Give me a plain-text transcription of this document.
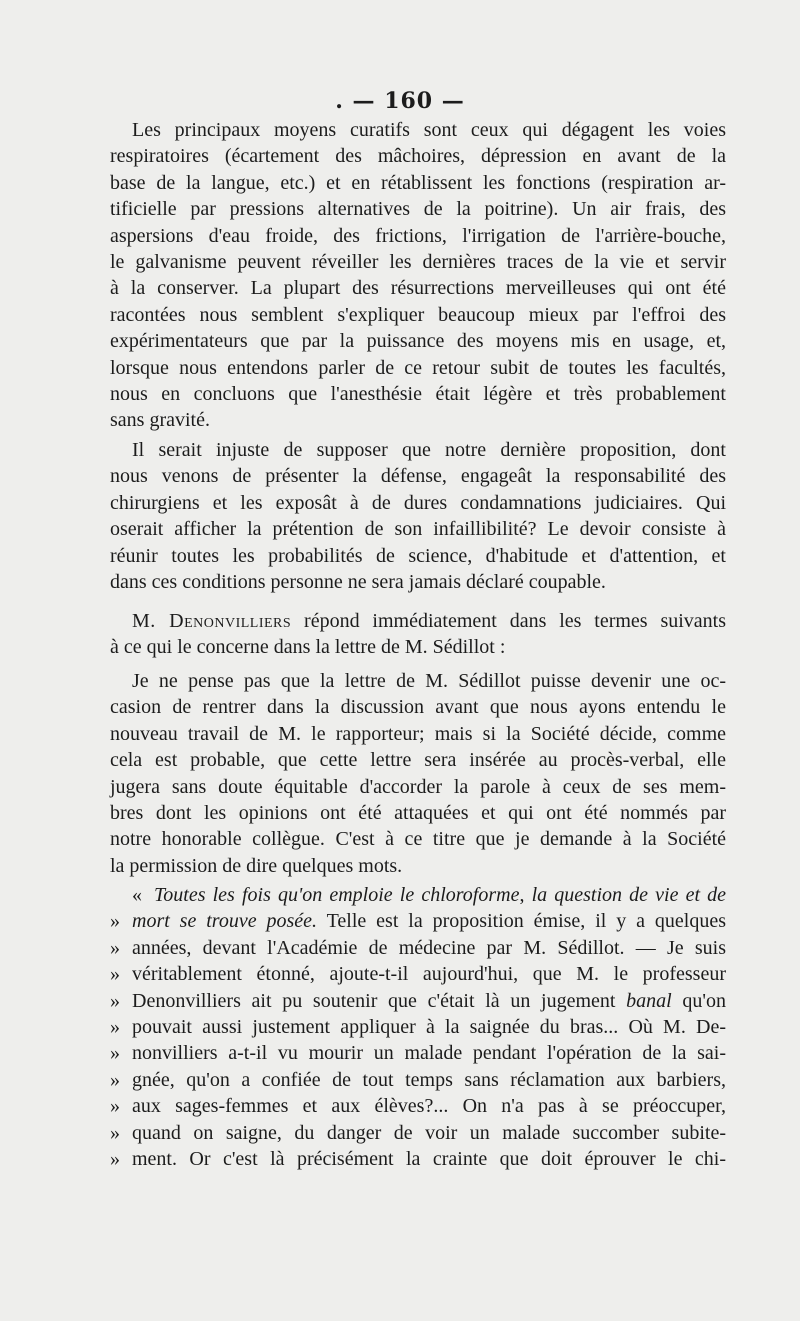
. — 160 —
Les principaux moyens curatifs sont ceux qui dégagent les voies
respiratoires (écartement des mâchoires, dépression en avant de la
base de la langue, etc.) et en rétablissent les fonctions (respiration ar-
tificielle par pressions alternatives de la poitrine). Un air frais, des
aspersions d'eau froide, des frictions, l'irrigation de l'arrière-bouche,
le galvanisme peuvent réveiller les dernières traces de la vie et servir
à la conserver. La plupart des résurrections merveilleuses qui ont été
racontées nous semblent s'expliquer beaucoup mieux par l'effroi des
expérimentateurs que par la puissance des moyens mis en usage, et,
lorsque nous entendons parler de ce retour subit de toutes les facultés,
nous en concluons que l'anesthésie était légère et très probablement
sans gravité.
Il serait injuste de supposer que notre dernière proposition, dont
nous venons de présenter la défense, engageât la responsabilité des
chirurgiens et les exposât à de dures condamnations judiciaires. Qui
oserait afficher la prétention de son infaillibilité? Le devoir consiste à
réunir toutes les probabilités de science, d'habitude et d'attention, et
dans ces conditions personne ne sera jamais déclaré coupable.
M. Denonvilliers répond immédiatement dans les termes suivants
à ce qui le concerne dans la lettre de M. Sédillot :
Je ne pense pas que la lettre de M. Sédillot puisse devenir une oc-
casion de rentrer dans la discussion avant que nous ayons entendu le
nouveau travail de M. le rapporteur; mais si la Société décide, comme
cela est probable, que cette lettre sera insérée au procès-verbal, elle
jugera sans doute équitable d'accorder la parole à ceux de ses mem-
bres dont les opinions ont été attaquées et qui ont été nommés par
notre honorable collègue. C'est à ce titre que je demande à la Société
la permission de dire quelques mots.
« Toutes les fois qu'on emploie le chloroforme, la question de vie et de
» mort se trouve posée. Telle est la proposition émise, il y a quelques
» années, devant l'Académie de médecine par M. Sédillot. — Je suis
» véritablement étonné, ajoute-t-il aujourd'hui, que M. le professeur
» Denonvilliers ait pu soutenir que c'était là un jugement banal qu'on
» pouvait aussi justement appliquer à la saignée du bras... Où M. De-
» nonvilliers a-t-il vu mourir un malade pendant l'opération de la sai-
» gnée, qu'on a confiée de tout temps sans réclamation aux barbiers,
» aux sages-femmes et aux élèves?... On n'a pas à se préoccuper,
» quand on saigne, du danger de voir un malade succomber subite-
» ment. Or c'est là précisément la crainte que doit éprouver le chi-
